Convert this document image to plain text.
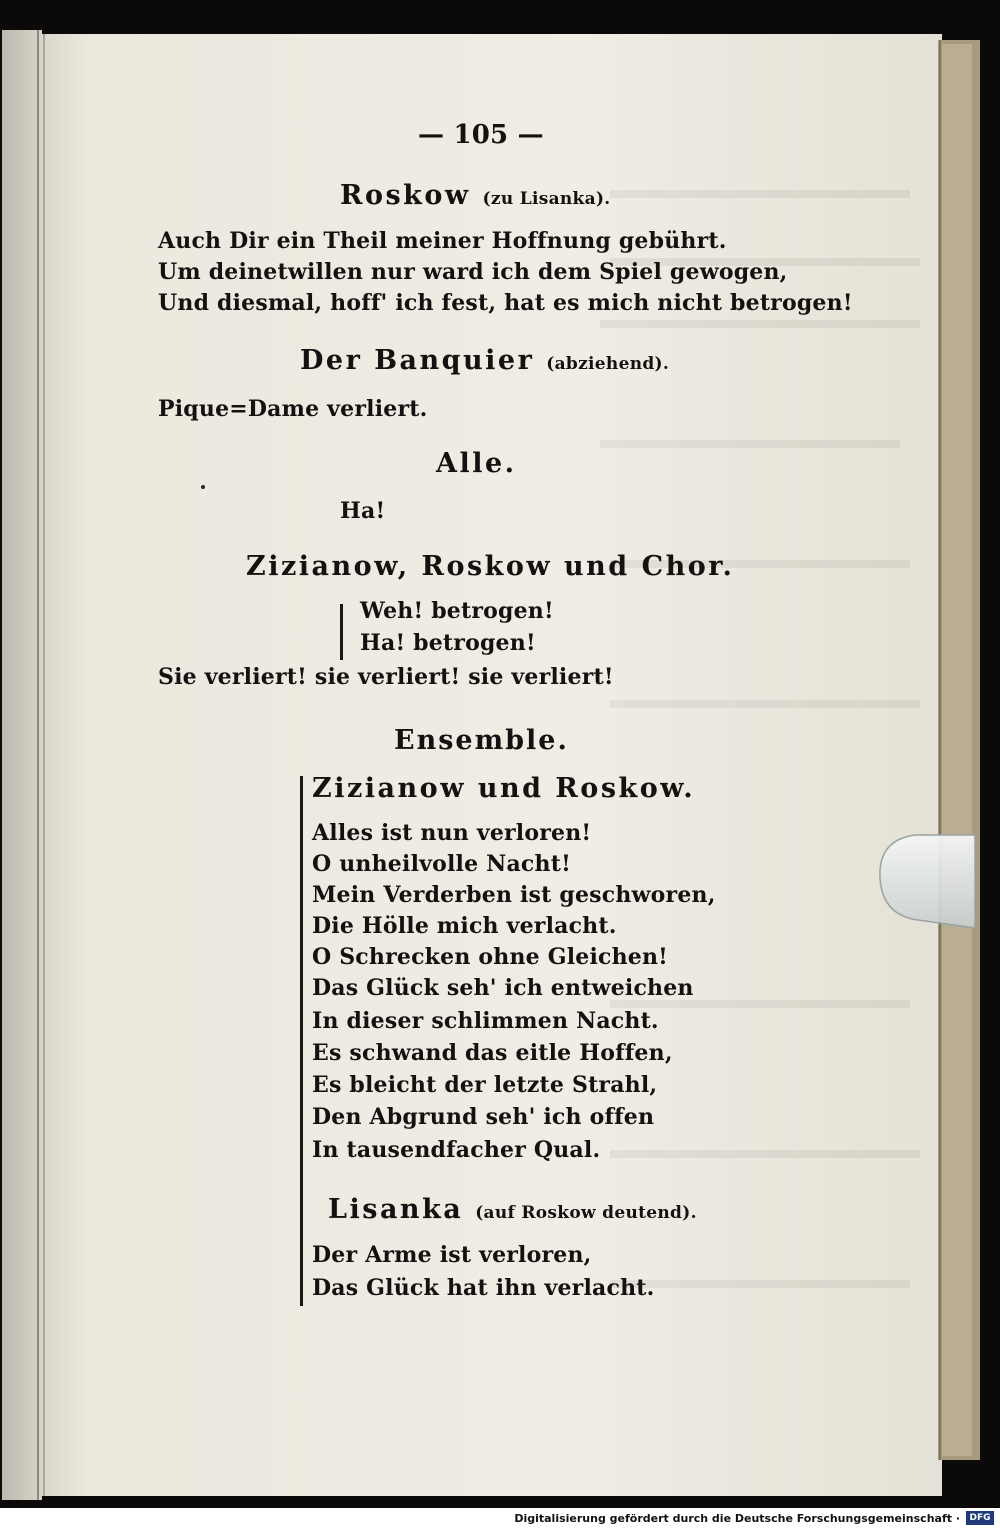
— 105 —
Roskow (zu Lisanka).
Auch Dir ein Theil meiner Hoffnung gebührt.
Um deinetwillen nur ward ich dem Spiel gewogen,
Und diesmal, hoff' ich fest, hat es mich nicht betrogen!
Der Banquier (abziehend).
Pique=Dame verliert.
Alle.
Ha!
Zizianow, Roskow und Chor.
Weh! betrogen!
Ha! betrogen!
Sie verliert! sie verliert! sie verliert!
Ensemble.
Zizianow und Roskow.
Alles ist nun verloren!
O unheilvolle Nacht!
Mein Verderben ist geschworen,
Die Hölle mich verlacht.
O Schrecken ohne Gleichen!
Das Glück seh' ich entweichen
In dieser schlimmen Nacht.
Es schwand das eitle Hoffen,
Es bleicht der letzte Strahl,
Den Abgrund seh' ich offen
In tausendfacher Qual.
Lisanka (auf Roskow deutend).
Der Arme ist verloren,
Das Glück hat ihn verlacht.
Digitalisierung gefördert durch die Deutsche Forschungsgemeinschaft ·	DFG
